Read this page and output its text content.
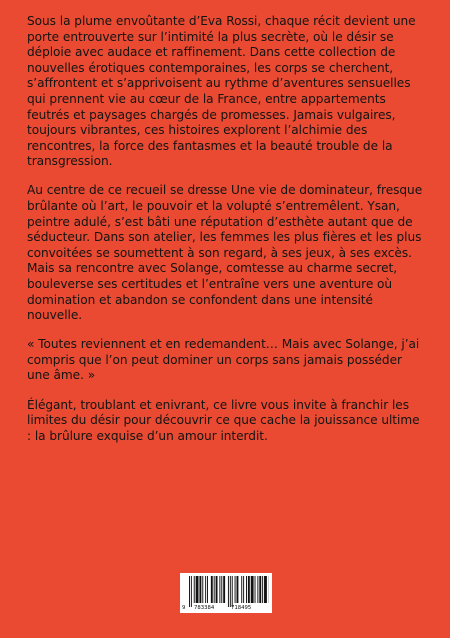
Sous la plume envoûtante d’Eva Rossi, chaque récit devient une porte entrouverte sur l’intimité la plus secrète, où le désir se déploie avec audace et raffinement. Dans cette collection de nouvelles érotiques contemporaines, les corps se cherchent, s’affrontent et s’apprivoisent au rythme d’aventures sensuelles qui prennent vie au cœur de la France, entre appartements feutrés et paysages chargés de promesses. Jamais vulgaires, toujours vibrantes, ces histoires explorent l’alchimie des rencontres, la force des fantasmes et la beauté trouble de la transgression.

Au centre de ce recueil se dresse Une vie de dominateur, fresque brûlante où l’art, le pouvoir et la volupté s’entremêlent. Ysan, peintre adulé, s’est bâti une réputation d’esthète autant que de séducteur. Dans son atelier, les femmes les plus fières et les plus convoitées se soumettent à son regard, à ses jeux, à ses excès. Mais sa rencontre avec Solange, comtesse au charme secret, bouleverse ses certitudes et l’entraîne vers une aventure où domination et abandon se confondent dans une intensité nouvelle.

« Toutes reviennent et en redemandent… Mais avec Solange, j’ai compris que l’on peut dominer un corps sans jamais posséder une âme. »

Élégant, troublant et enivrant, ce livre vous invite à franchir les limites du désir pour découvrir ce que cache la jouissance ultime : la brûlure exquise d’un amour interdit.

9 783384	718495
